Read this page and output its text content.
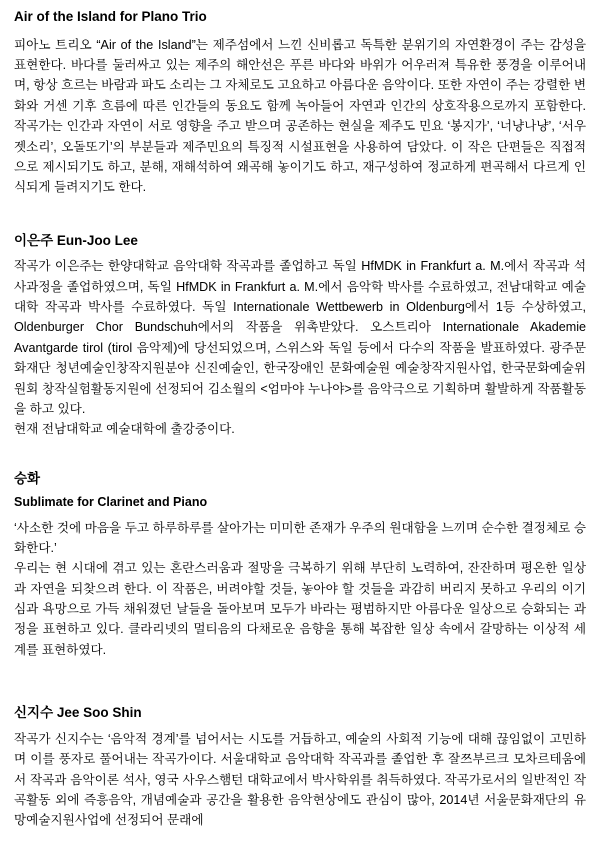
Air of the Island for Plano Trio

피아노 트리오 “Air of the Island”는 제주섬에서 느낀 신비롭고 독특한 분위기의 자연환경이 주는 감성을 표현한다. 바다를 둘러싸고 있는 제주의 해안선은 푸른 바다와 바위가 어우러져 특유한 풍경을 이루어내며, 항상 흐르는 바람과 파도 소리는 그 자체로도 고요하고 아름다운 음악이다. 또한 자연이 주는 강렬한 변화와 거센 기후 흐름에 따른 인간들의 동요도 함께 녹아들어 자연과 인간의 상호작용으로까지 포함한다. 작곡가는 인간과 자연이 서로 영향을 주고 받으며 공존하는 현실을 제주도 민요 ‘봉지가’, ‘너냥나냥’, ‘서우젯소리’, 오돌또기’의 부분들과 제주민요의 특징적 시설표현을 사용하여 담았다. 이 작은 단편들은 직접적으로 제시되기도 하고, 분해, 재해석하여 왜곡해 놓이기도 하고, 재구성하여 정교하게 편곡해서 다르게 인식되게 들려지기도 한다.

이은주 Eun-Joo Lee

작곡가 이은주는 한양대학교 음악대학 작곡과를 졸업하고 독일 HfMDK in Frankfurt a. M.에서 작곡과 석사과정을 졸업하였으며, 독일 HfMDK in Frankfurt a. M.에서 음악학 박사를 수료하였고, 전남대학교 예술대학 작곡과 박사를 수료하였다. 독일 Internationale Wettbewerb in Oldenburg에서 1등 수상하였고, Oldenburger Chor Bundschuh에서의 작품을 위촉받았다. 오스트리아 Internationale Akademie Avantgarde tirol (tirol 음악제)에 당선되었으며, 스위스와 독일 등에서 다수의 작품을 발표하였다. 광주문화재단 청년예술인창작지원분야 신진예술인, 한국장애인 문화예술원 예술창작지원사업, 한국문화예술위원회 창작실험활동지원에 선정되어 김소월의 <엄마야 누나야>를 음악극으로 기획하며 활발하게 작품활동을 하고 있다.

현재 전남대학교 예술대학에 출강중이다.

승화
Sublimate for Clarinet and Piano

‘사소한 것에 마음을 두고 하루하루를 살아가는 미미한 존재가 우주의 원대함을 느끼며 순수한 결정체로 승화한다.’

우리는 현 시대에 겪고 있는 혼란스러움과 절망을 극복하기 위해 부단히 노력하여, 잔잔하며 평온한 일상과 자연을 되찾으려 한다. 이 작품은, 버려야할 것들, 놓아야 할 것들을 과감히 버리지 못하고 우리의 이기심과 욕망으로 가득 채워졌던 날들을 돌아보며 모두가 바라는 평범하지만 아름다운 일상으로 승화되는 과정을 표현하고 있다. 클라리넷의 멀티음의 다채로운 음향을 통해 복잡한 일상 속에서 갈망하는 이상적 세계를 표현하였다.

신지수 Jee Soo Shin

작곡가 신지수는 ‘음악적 경계’를 넘어서는 시도를 거듭하고, 예술의 사회적 기능에 대해 끊임없이 고민하며 이를 풍자로 풀어내는 작곡가이다. 서울대학교 음악대학 작곡과를 졸업한 후 잘쯔부르크 모차르테움에서 작곡과 음악이론 석사, 영국 사우스햄턴 대학교에서 박사학위를 취득하였다. 작곡가로서의 일반적인 작곡활동 외에 즉흥음악, 개념예술과 공간을 활용한 음악현상에도 관심이 많아, 2014년 서울문화재단의 유망예술지원사업에 선정되어 문래에
